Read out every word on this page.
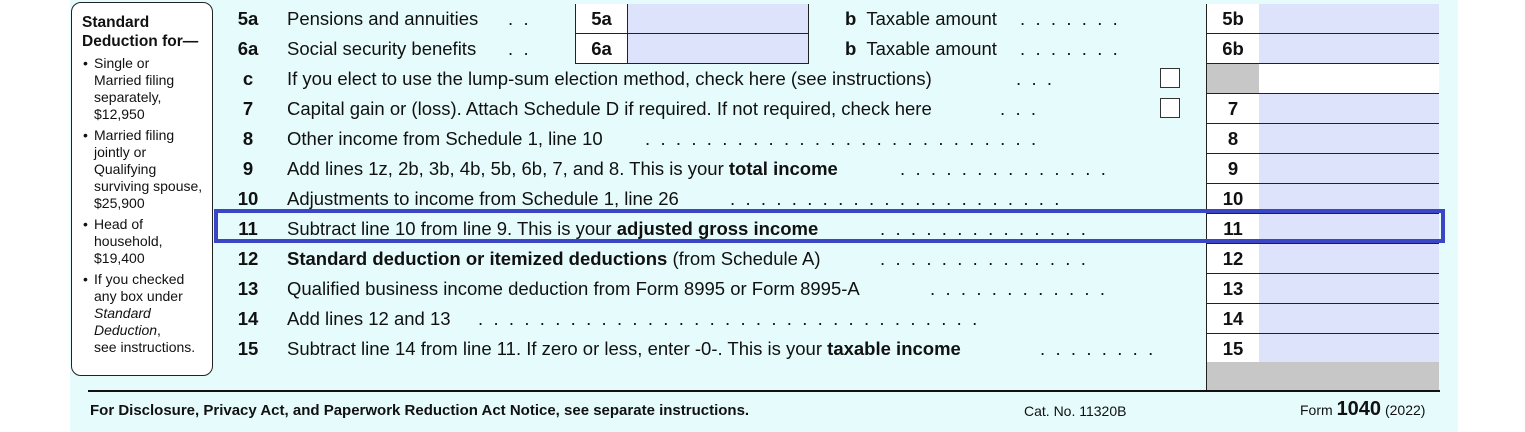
Standard
Deduction for—
• Single or
Married filing
separately,
$12,950
• Married filing
jointly or
Qualifying
surviving spouse,
$25,900
• Head of
household,
$19,400
• If you checked
any box under
Standard
Deduction,
see instructions.
5a	Pensions and annuities ..	5a	b Taxable amount .......	5b
6a	Social security benefits ..	6a	b Taxable amount .......	6b
c	If you elect to use the lump-sum election method, check here (see instructions)	...
7	Capital gain or (loss). Attach Schedule D if required. If not required, check here	...	7
8	Other income from Schedule 1, line 10 ..........................	8
9	Add lines 1z, 2b, 3b, 4b, 5b, 6b, 7, and 8. This is your total income	..............	9
10	Adjustments to income from Schedule 1, line 26	......................	10
11	Subtract line 10 from line 9. This is your adjusted gross income	..............	11
12	Standard deduction or itemized deductions (from Schedule A)	..............	12
13	Qualified business income deduction from Form 8995 or Form 8995-A	............	13
14	Add lines 12 and 13 .................................	14
15	Subtract line 14 from line 11. If zero or less, enter -0-. This is your taxable income	........	15
For Disclosure, Privacy Act, and Paperwork Reduction Act Notice, see separate instructions.	Cat. No. 11320B	Form 1040 (2022)
